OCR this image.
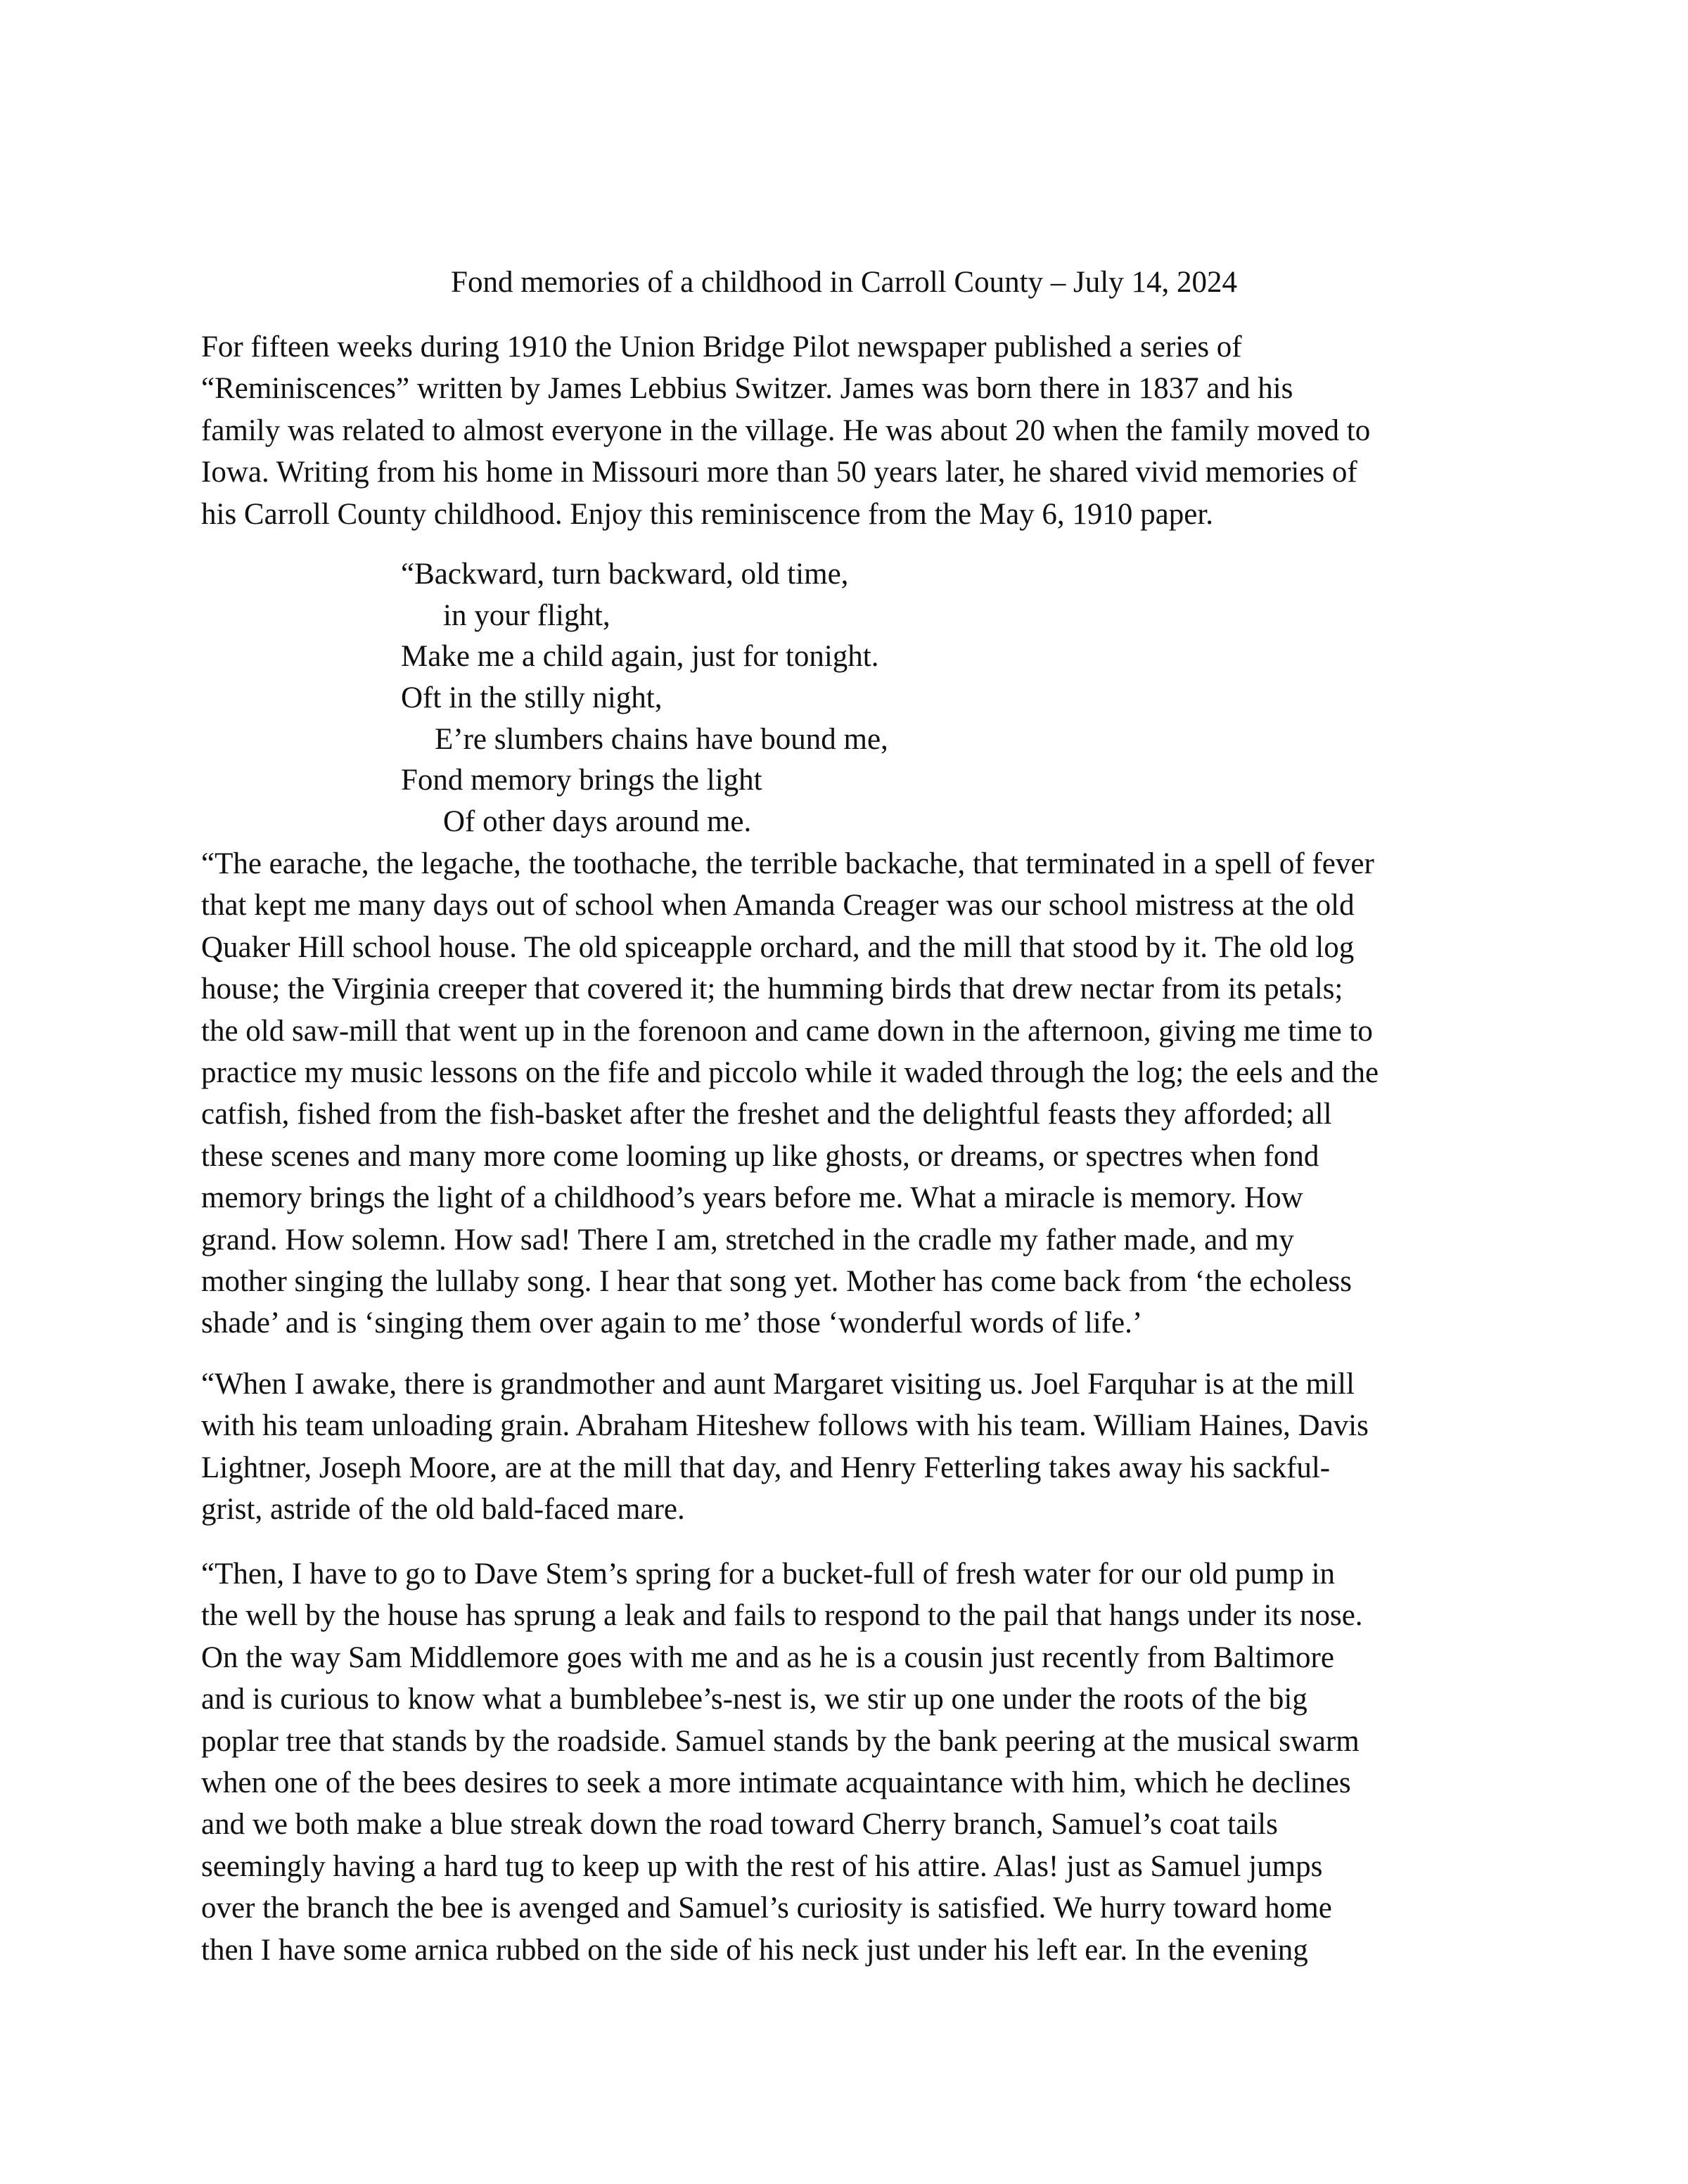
Fond memories of a childhood in Carroll County – July 14, 2024
For fifteen weeks during 1910 the Union Bridge Pilot newspaper published a series of
“Reminiscences” written by James Lebbius Switzer. James was born there in 1837 and his
family was related to almost everyone in the village. He was about 20 when the family moved to
Iowa. Writing from his home in Missouri more than 50 years later, he shared vivid memories of
his Carroll County childhood. Enjoy this reminiscence from the May 6, 1910 paper.
“Backward, turn backward, old time,
in your flight,
Make me a child again, just for tonight.
Oft in the stilly night,
E’re slumbers chains have bound me,
Fond memory brings the light
Of other days around me.
“The earache, the legache, the toothache, the terrible backache, that terminated in a spell of fever
that kept me many days out of school when Amanda Creager was our school mistress at the old
Quaker Hill school house. The old spiceapple orchard, and the mill that stood by it. The old log
house; the Virginia creeper that covered it; the humming birds that drew nectar from its petals;
the old saw-mill that went up in the forenoon and came down in the afternoon, giving me time to
practice my music lessons on the fife and piccolo while it waded through the log; the eels and the
catfish, fished from the fish-basket after the freshet and the delightful feasts they afforded; all
these scenes and many more come looming up like ghosts, or dreams, or spectres when fond
memory brings the light of a childhood’s years before me. What a miracle is memory. How
grand. How solemn. How sad! There I am, stretched in the cradle my father made, and my
mother singing the lullaby song. I hear that song yet. Mother has come back from ‘the echoless
shade’ and is ‘singing them over again to me’ those ‘wonderful words of life.’
“When I awake, there is grandmother and aunt Margaret visiting us. Joel Farquhar is at the mill
with his team unloading grain. Abraham Hiteshew follows with his team. William Haines, Davis
Lightner, Joseph Moore, are at the mill that day, and Henry Fetterling takes away his sackful-
grist, astride of the old bald-faced mare.
“Then, I have to go to Dave Stem’s spring for a bucket-full of fresh water for our old pump in
the well by the house has sprung a leak and fails to respond to the pail that hangs under its nose.
On the way Sam Middlemore goes with me and as he is a cousin just recently from Baltimore
and is curious to know what a bumblebee’s-nest is, we stir up one under the roots of the big
poplar tree that stands by the roadside. Samuel stands by the bank peering at the musical swarm
when one of the bees desires to seek a more intimate acquaintance with him, which he declines
and we both make a blue streak down the road toward Cherry branch, Samuel’s coat tails
seemingly having a hard tug to keep up with the rest of his attire. Alas! just as Samuel jumps
over the branch the bee is avenged and Samuel’s curiosity is satisfied. We hurry toward home
then I have some arnica rubbed on the side of his neck just under his left ear. In the evening
